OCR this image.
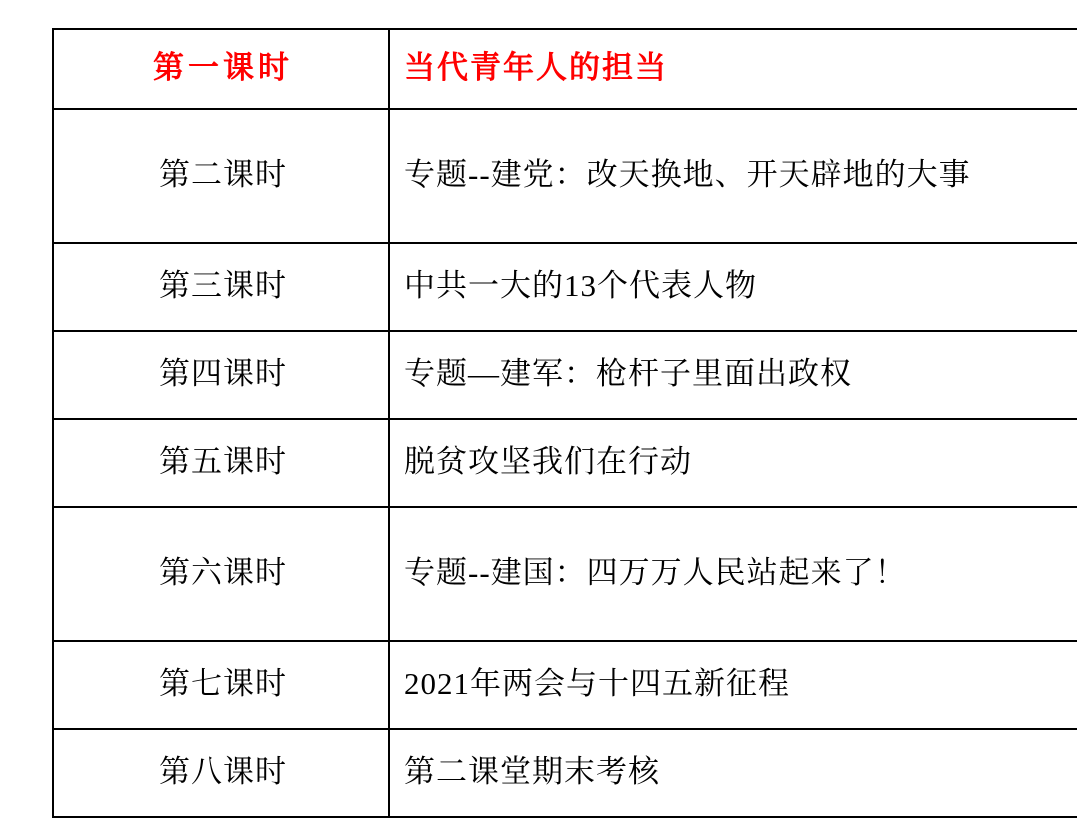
第一课时	当代青年人的担当
第二课时	专题--建党：改天换地、开天辟地的大事
第三课时	中共一大的13个代表人物
第四课时	专题—建军：枪杆子里面出政权
第五课时	脱贫攻坚我们在行动
第六课时	专题--建国：四万万人民站起来了！
第七课时	2021年两会与十四五新征程
第八课时	第二课堂期末考核
